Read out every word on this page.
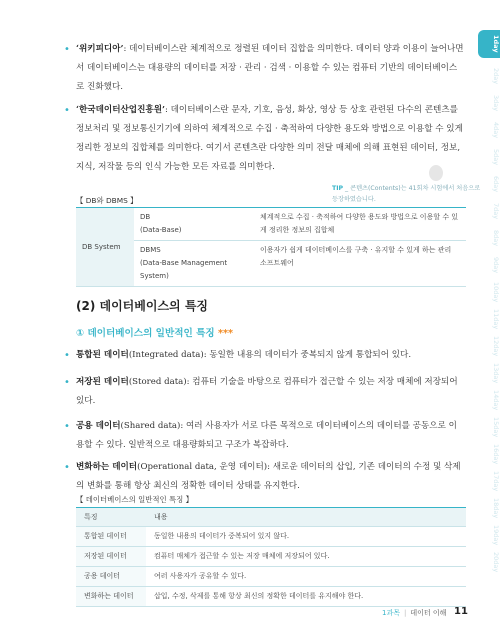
1day
2day
3day
4day
5day
6day
7day
8day
9day
10day
11day
12day
13day
14day
15day
16day
17day
18day
19day
20day
• ‘위키피디아’: 데이터베이스란 체계적으로 정렬된 데이터 집합을 의미한다. 데이터 양과 이용이 늘어나면서 데이터베이스는 대용량의 데이터를 저장 · 관리 · 검색 · 이용할 수 있는 컴퓨터 기반의 데이터베이스로 진화했다.
• ‘한국데이터산업진흥원’: 데이터베이스란 문자, 기호, 음성, 화상, 영상 등 상호 관련된 다수의 콘텐츠를 정보처리 및 정보통신기기에 의하여 체계적으로 수집 · 축적하여 다양한 용도와 방법으로 이용할 수 있게 정리한 정보의 집합체를 의미한다. 여기서 콘텐츠란 다양한 의미 전달 매체에 의해 표현된 데이터, 정보, 지식, 저작물 등의 인식 가능한 모든 자료를 의미한다.
TIP _ 콘텐츠(Contents)는 41회차 시험에서 처음으로 등장하였습니다.
【 DB와 DBMS 】
DB System	DB
(Data-Base)	체계적으로 수집 · 축적하여 다양한 용도와 방법으로 이용할 수 있게 정리한 정보의 집합체

	DBMS
(Data-Base Management System)	이용자가 쉽게 데이터베이스를 구축 · 유지할 수 있게 하는 관리 소프트웨어
(2) 데이터베이스의 특징
① 데이터베이스의 일반적인 특징 ***
• 통합된 데이터(Integrated data): 동일한 내용의 데이터가 중복되지 않게 통합되어 있다.
• 저장된 데이터(Stored data): 컴퓨터 기술을 바탕으로 컴퓨터가 접근할 수 있는 저장 매체에 저장되어 있다.
• 공용 데이터(Shared data): 여러 사용자가 서로 다른 목적으로 데이터베이스의 데이터를 공동으로 이용할 수 있다. 일반적으로 대용량화되고 구조가 복잡하다.
• 변화하는 데이터(Operational data, 운영 데이터): 새로운 데이터의 삽입, 기존 데이터의 수정 및 삭제의 변화를 통해 항상 최신의 정확한 데이터 상태를 유지한다.
【 데이터베이스의 일반적인 특징 】
특징	내용
통합된 데이터	동일한 내용의 데이터가 중복되어 있지 않다.
저장된 데이터	컴퓨터 매체가 접근할 수 있는 저장 매체에 저장되어 있다.
공용 데이터	여러 사용자가 공유할 수 있다.
변화하는 데이터	삽입, 수정, 삭제를 통해 항상 최신의 정확한 데이터를 유지해야 한다.
1과목 | 데이터 이해 11
